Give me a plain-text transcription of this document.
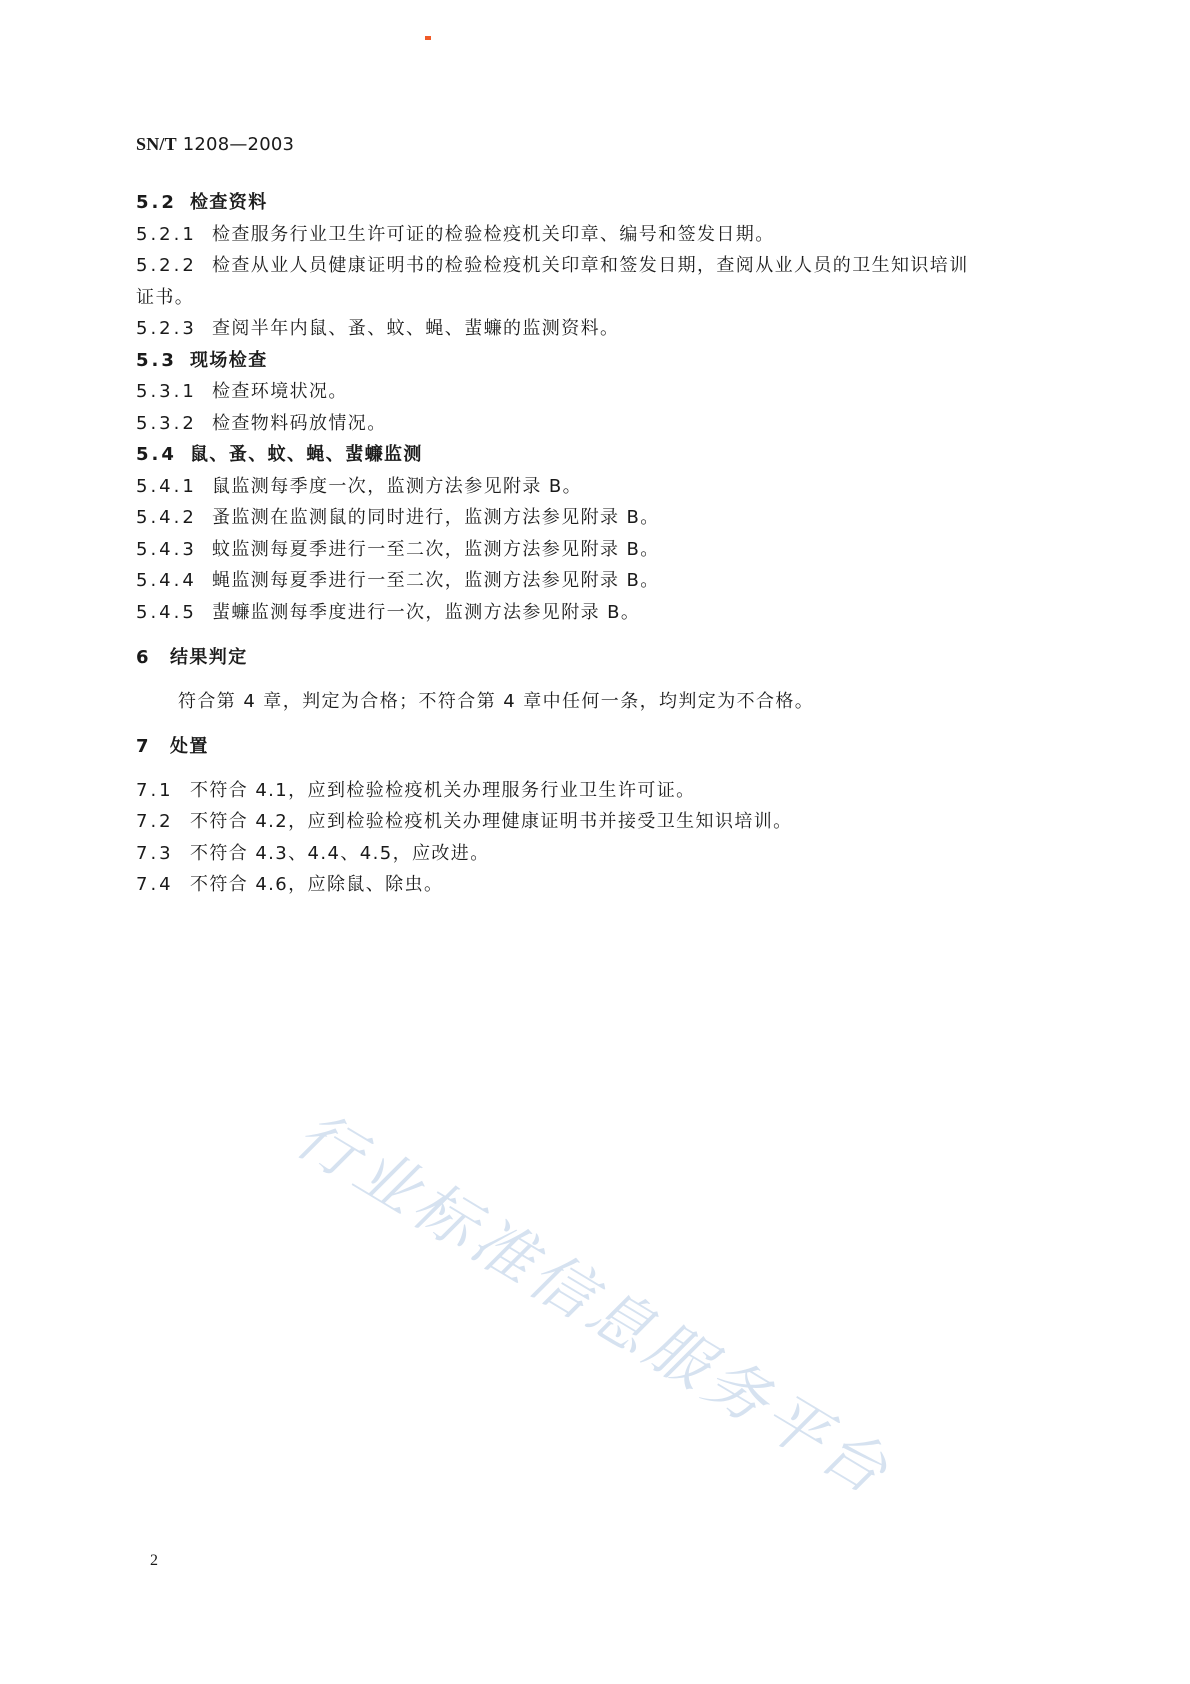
SN/T 1208—2003
5.2 检查资料
5.2.1 检查服务行业卫生许可证的检验检疫机关印章、编号和签发日期。
5.2.2 检查从业人员健康证明书的检验检疫机关印章和签发日期，查阅从业人员的卫生知识培训
证书。
5.2.3 查阅半年内鼠、蚤、蚊、蝇、蜚蠊的监测资料。
5.3 现场检查
5.3.1 检查环境状况。
5.3.2 检查物料码放情况。
5.4 鼠、蚤、蚊、蝇、蜚蠊监测
5.4.1 鼠监测每季度一次，监测方法参见附录 B。
5.4.2 蚤监测在监测鼠的同时进行，监测方法参见附录 B。
5.4.3 蚊监测每夏季进行一至二次，监测方法参见附录 B。
5.4.4 蝇监测每夏季进行一至二次，监测方法参见附录 B。
5.4.5 蜚蠊监测每季度进行一次，监测方法参见附录 B。
6 结果判定
符合第 4 章，判定为合格；不符合第 4 章中任何一条，均判定为不合格。
7 处置
7.1 不符合 4.1，应到检验检疫机关办理服务行业卫生许可证。
7.2 不符合 4.2，应到检验检疫机关办理健康证明书并接受卫生知识培训。
7.3 不符合 4.3、4.4、4.5，应改进。
7.4 不符合 4.6，应除鼠、除虫。
行业标准信息服务平台
2
